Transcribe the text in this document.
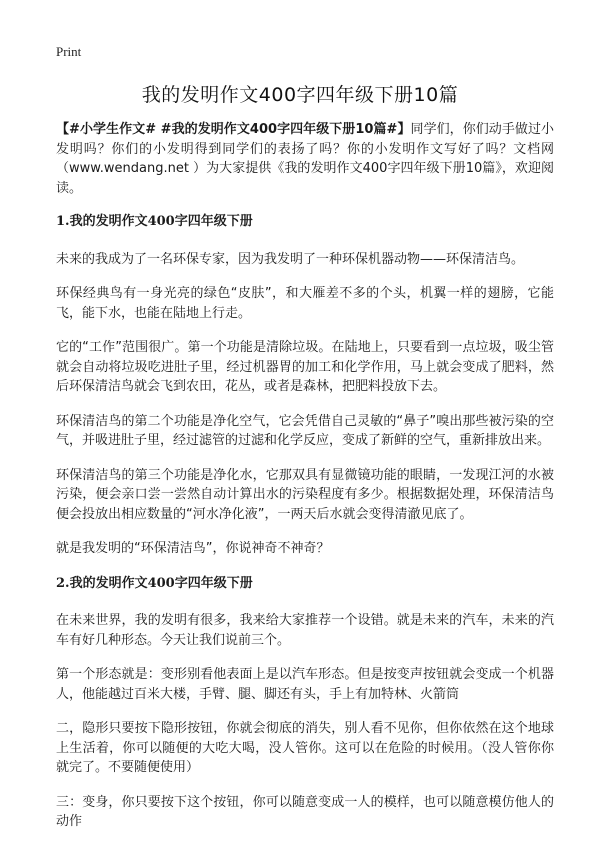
Print
我的发明作文400字四年级下册10篇

【#小学生作文# #我的发明作文400字四年级下册10篇#】同学们，你们动手做过小发明吗？你们的小发明得到同学们的表扬了吗？你的小发明作文写好了吗？文档网（www.wendang.net ）为大家提供《我的发明作文400字四年级下册10篇》，欢迎阅读。

1.我的发明作文400字四年级下册

未来的我成为了一名环保专家，因为我发明了一种环保机器动物——环保清洁鸟。

环保经典鸟有一身光亮的绿色“皮肤”，和大雁差不多的个头，机翼一样的翅膀，它能飞，能下水，也能在陆地上行走。

它的“工作”范围很广。第一个功能是清除垃圾。在陆地上，只要看到一点垃圾，吸尘管就会自动将垃圾吃进肚子里，经过机器胃的加工和化学作用，马上就会变成了肥料，然后环保清洁鸟就会飞到农田，花丛，或者是森林，把肥料投放下去。

环保清洁鸟的第二个功能是净化空气，它会凭借自己灵敏的“鼻子”嗅出那些被污染的空气，并吸进肚子里，经过滤管的过滤和化学反应，变成了新鲜的空气，重新排放出来。

环保清洁鸟的第三个功能是净化水，它那双具有显微镜功能的眼睛，一发现江河的水被污染，便会亲口尝一尝然自动计算出水的污染程度有多少。根据数据处理，环保清洁鸟便会投放出相应数量的“河水净化液”，一两天后水就会变得清澈见底了。

就是我发明的“环保清洁鸟”，你说神奇不神奇？

2.我的发明作文400字四年级下册

在未来世界，我的发明有很多，我来给大家推荐一个设错。就是未来的汽车，未来的汽车有好几种形态。今天让我们说前三个。

第一个形态就是：变形别看他表面上是以汽车形态。但是按变声按钮就会变成一个机器人，他能越过百米大楼，手臂、腿、脚还有头，手上有加特林、火箭筒

二，隐形只要按下隐形按钮，你就会彻底的消失，别人看不见你，但你依然在这个地球上生活着，你可以随便的大吃大喝，没人管你。这可以在危险的时候用。（没人管你你就完了。不要随便使用）

三：变身，你只要按下这个按钮，你可以随意变成一人的模样，也可以随意模仿他人的动作
